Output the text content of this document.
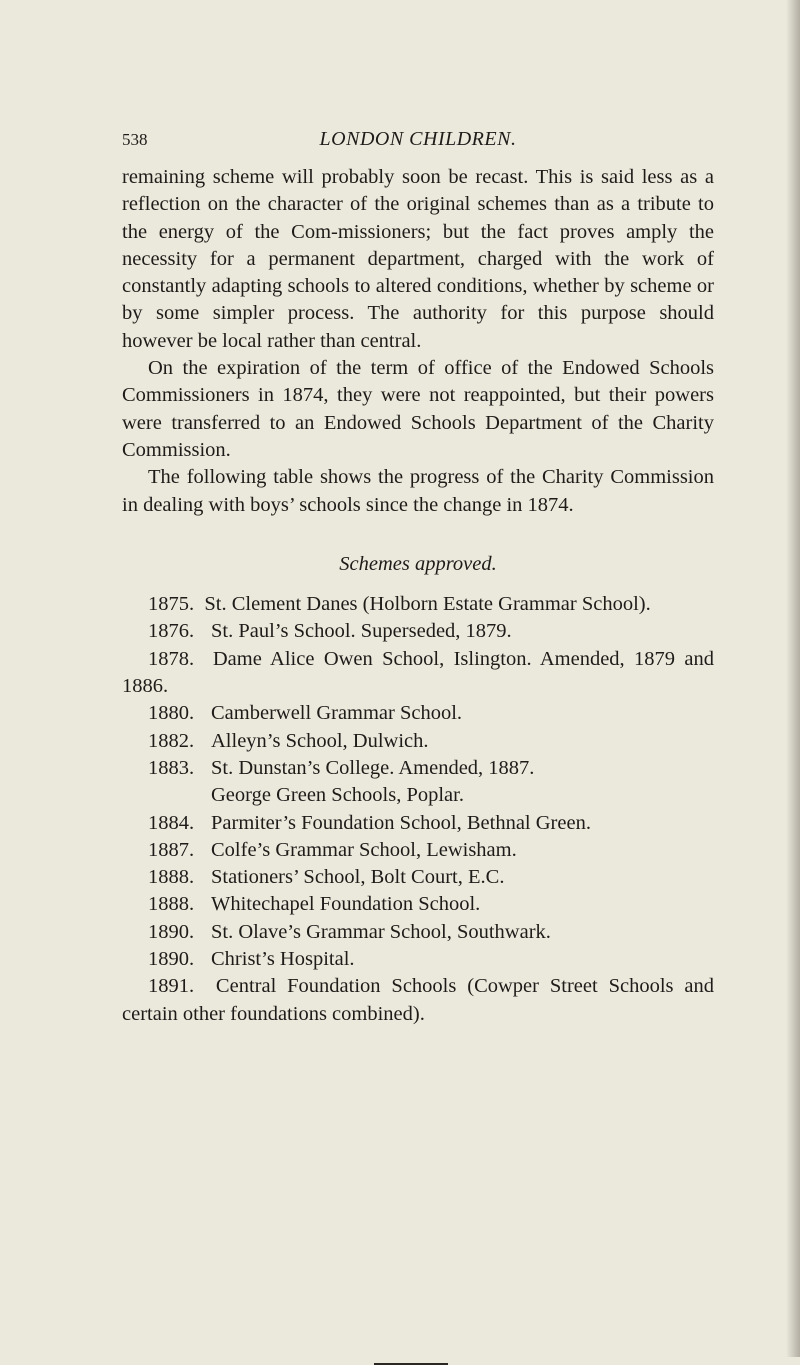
538	LONDON CHILDREN.

remaining scheme will probably soon be recast. This is said less as a reflection on the character of the original schemes than as a tribute to the energy of the Com-missioners; but the fact proves amply the necessity for a permanent department, charged with the work of constantly adapting schools to altered conditions, whether by scheme or by some simpler process. The authority for this purpose should however be local rather than central.

On the expiration of the term of office of the Endowed Schools Commissioners in 1874, they were not reappointed, but their powers were transferred to an Endowed Schools Department of the Charity Commission.

The following table shows the progress of the Charity Commission in dealing with boys’ schools since the change in 1874.

Schemes approved.

1875. St. Clement Danes (Holborn Estate Grammar School).

1876. St. Paul’s School. Superseded, 1879.

1878. Dame Alice Owen School, Islington. Amended, 1879 and 1886.

1880. Camberwell Grammar School.
1882. Alleyn’s School, Dulwich.
1883. St. Dunstan’s College. Amended, 1887.
George Green Schools, Poplar.
1884. Parmiter’s Foundation School, Bethnal Green.
1887. Colfe’s Grammar School, Lewisham.
1888. Stationers’ School, Bolt Court, E.C.
1888. Whitechapel Foundation School.
1890. St. Olave’s Grammar School, Southwark.
1890. Christ’s Hospital.

1891. Central Foundation Schools (Cowper Street Schools and certain other foundations combined).
